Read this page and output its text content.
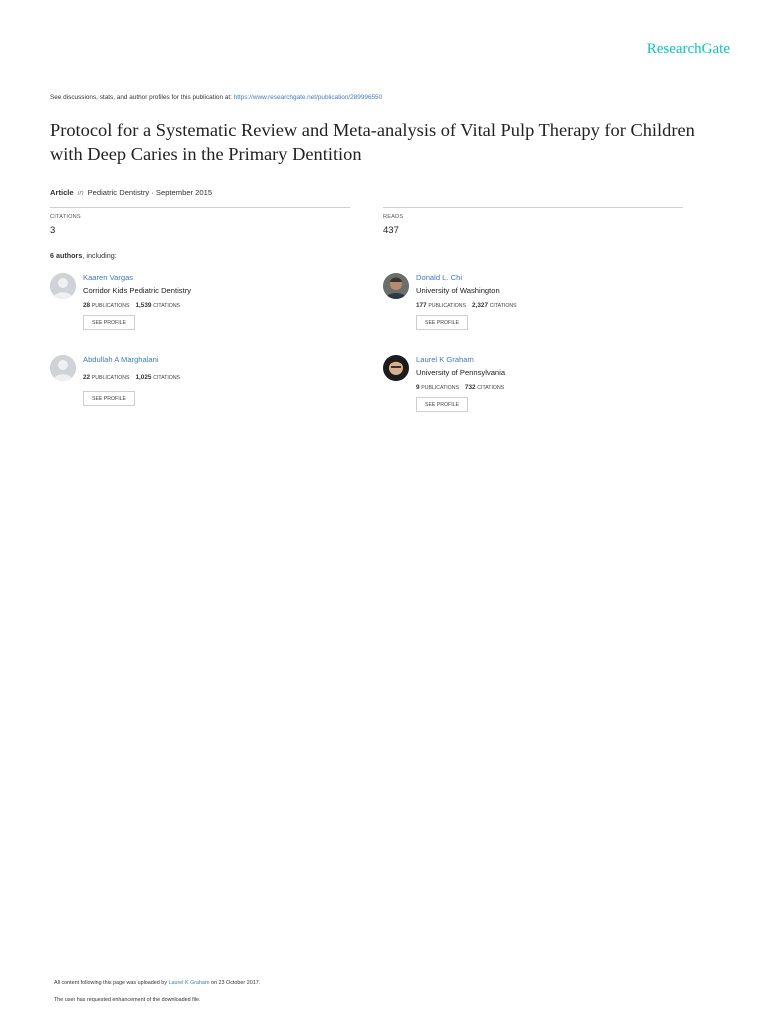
ResearchGate
See discussions, stats, and author profiles for this publication at: https://www.researchgate.net/publication/289996550
Protocol for a Systematic Review and Meta-analysis of Vital Pulp Therapy for Children with Deep Caries in the Primary Dentition
Article in Pediatric Dentistry · September 2015
CITATIONS
3
READS
437
6 authors, including:
Kaaren Vargas
Corridor Kids Pediatric Dentistry
28 PUBLICATIONS 1,539 CITATIONS
SEE PROFILE
Donald L. Chi
University of Washington
177 PUBLICATIONS 2,327 CITATIONS
SEE PROFILE
Abdullah A Marghalani
22 PUBLICATIONS 1,025 CITATIONS
SEE PROFILE
Laurel K Graham
University of Pennsylvania
9 PUBLICATIONS 732 CITATIONS
SEE PROFILE
All content following this page was uploaded by Laurel K Graham on 23 October 2017.
The user has requested enhancement of the downloaded file.
